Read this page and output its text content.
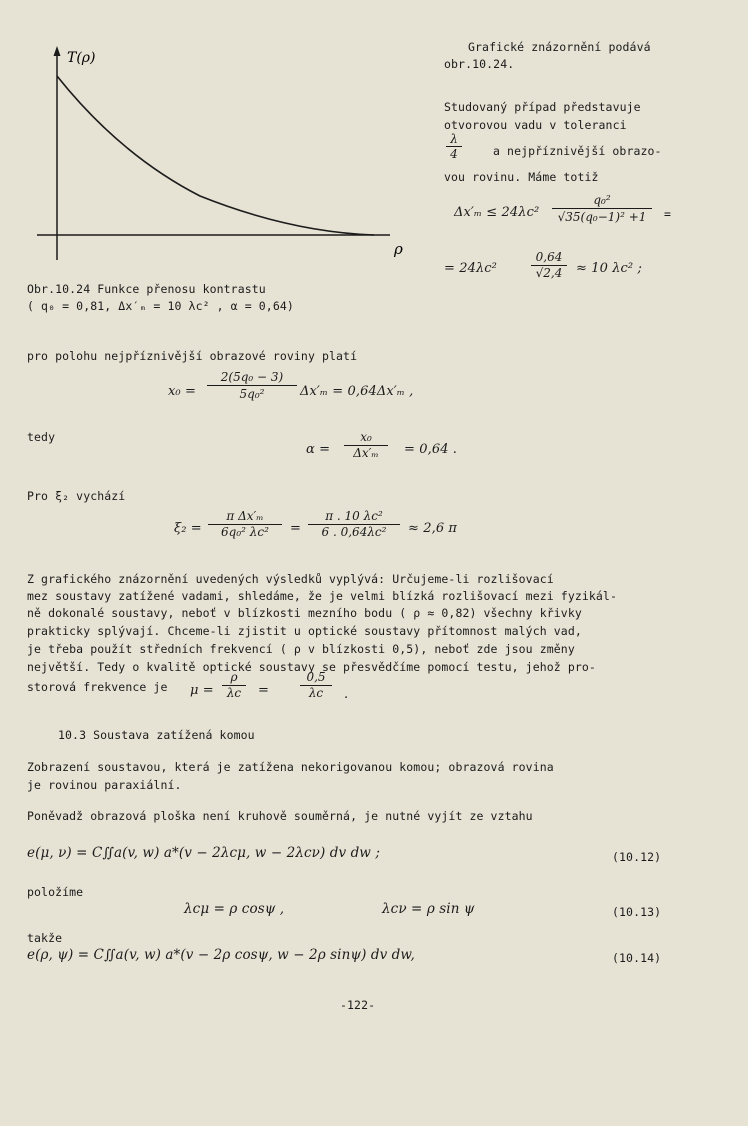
T(ρ)
ρ
Obr.10.24 Funkce přenosu kontrastu
( q₀ = 0,81, Δx′ₘ = 10 λc² , α = 0,64)
Grafické znázornění podává
obr.10.24.
Studovaný případ představuje
otvorovou vadu v toleranci
λ
4	a nejpříznivější obrazo-
vou rovinu. Máme totiž
Δx′ₘ ≤ 24λc²
q₀²
√35(q₀−1)² +1	=
= 24λc²
0,64
√2,4	≈ 10 λc² ;
pro polohu nejpříznivější obrazové roviny platí
x₀ =
2(5q₀ − 3)
5q₀²	Δx′ₘ = 0,64Δx′ₘ ,
tedy
α =
x₀
Δx′ₘ	= 0,64 .
Pro ξ₂ vychází
ξ₂ =
π Δx′ₘ
6q₀² λc²	=
π . 10 λc²
6 . 0,64λc²	≈ 2,6 π
Z grafického znázornění uvedených výsledků vyplývá: Určujeme-li rozlišovací
mez soustavy zatížené vadami, shledáme, že je velmi blízká rozlišovací mezi fyzikál-
ně dokonalé soustavy, neboť v blízkosti mezního bodu ( ρ ≈ 0,82) všechny křivky
prakticky splývají. Chceme-li zjistit u optické soustavy přítomnost malých vad,
je třeba použít středních frekvencí ( ρ v blízkosti 0,5), neboť zde jsou změny
největší. Tedy o kvalitě optické soustavy se přesvědčíme pomocí testu, jehož pro-
storová frekvence je μ =
ρ
λc	=
0,5
λc	.
10.3 Soustava zatížená komou
Zobrazení soustavou, která je zatížena nekorigovanou komou; obrazová rovina
je rovinou paraxiální.
Poněvadž obrazová ploška není kruhově souměrná, je nutné vyjít ze vztahu
e(μ, ν) = C∬a(v, w) a*(v − 2λcμ, w − 2λcν) dv dw ;	(10.12)
položíme
λcμ = ρ cosψ ,	λcν = ρ sin ψ	(10.13)
takže
e(ρ, ψ) = C∬a(v, w) a*(v − 2ρ cosψ, w − 2ρ sinψ) dv dw,	(10.14)
-122-
